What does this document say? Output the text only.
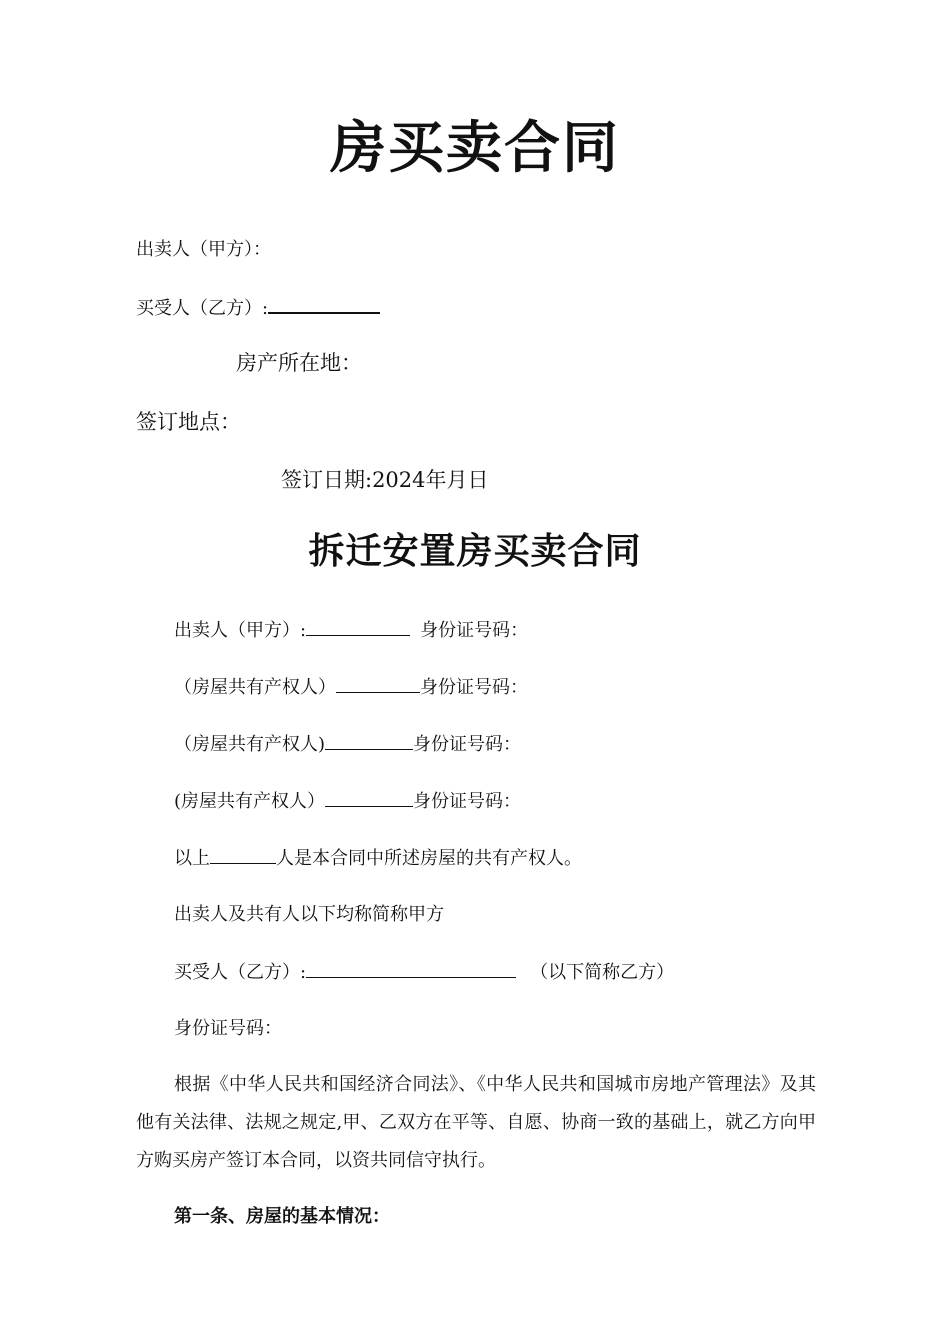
房买卖合同
出卖人（甲方）：
买受人（乙方）:
房产所在地：
签订地点：
签订日期:2024年月日
拆迁安置房买卖合同
出卖人（甲方）:	身份证号码：
（房屋共有产权人）	身份证号码：
（房屋共有产权人)	身份证号码：
(房屋共有产权人）	身份证号码：
以上	人是本合同中所述房屋的共有产权人。
出卖人及共有人以下均称简称甲方
买受人（乙方）:	（以下简称乙方）
身份证号码：
根据《中华人民共和国经济合同法》、《中华人民共和国城市房地产管理法》及其他有关法律、法规之规定,甲、乙双方在平等、自愿、协商一致的基础上，就乙方向甲方购买房产签订本合同，以资共同信守执行。
第一条、房屋的基本情况：
